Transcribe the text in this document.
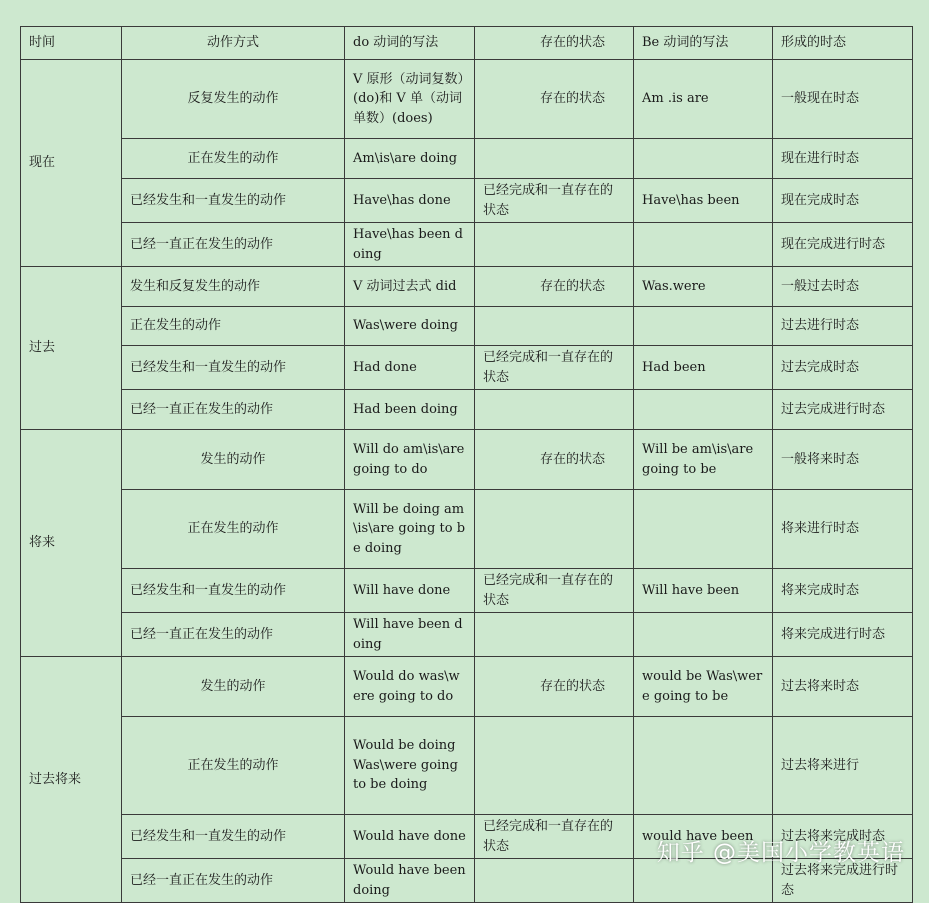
时间	动作方式	do 动词的写法	存在的状态	Be 动词的写法	形成的时态
现在	反复发生的动作	V 原形（动词复数）(do)和 V 单（动词单数）(does)	存在的状态	Am .is are	一般现在时态
	正在发生的动作	Am\is\are doing			现在进行时态
	已经发生和一直发生的动作	Have\has done	已经完成和一直存在的状态	Have\has been	现在完成时态
	已经一直正在发生的动作	Have\has been doing			现在完成进行时态
过去	发生和反复发生的动作	V 动词过去式 did	存在的状态	Was.were	一般过去时态
	正在发生的动作	Was\were doing			过去进行时态
	已经发生和一直发生的动作	Had done	已经完成和一直存在的状态	Had been	过去完成时态
	已经一直正在发生的动作	Had been doing			过去完成进行时态
将来	发生的动作	Will do am\is\are going to do	存在的状态	Will be am\is\are going to be	一般将来时态
	正在发生的动作	Will be doing am\is\are going to be doing			将来进行时态
	已经发生和一直发生的动作	Will have done	已经完成和一直存在的状态	Will have been	将来完成时态
	已经一直正在发生的动作	Will have been doing			将来完成进行时态
过去将来	发生的动作	Would do was\were going to do	存在的状态	would be Was\were going to be	过去将来时态
	正在发生的动作	Would be doing Was\were going to be doing			过去将来进行
	已经发生和一直发生的动作	Would have done	已经完成和一直存在的状态	would have been	过去将来完成时态
	已经一直正在发生的动作	Would have been doing			过去将来完成进行时态
知乎 @美国小学教英语
